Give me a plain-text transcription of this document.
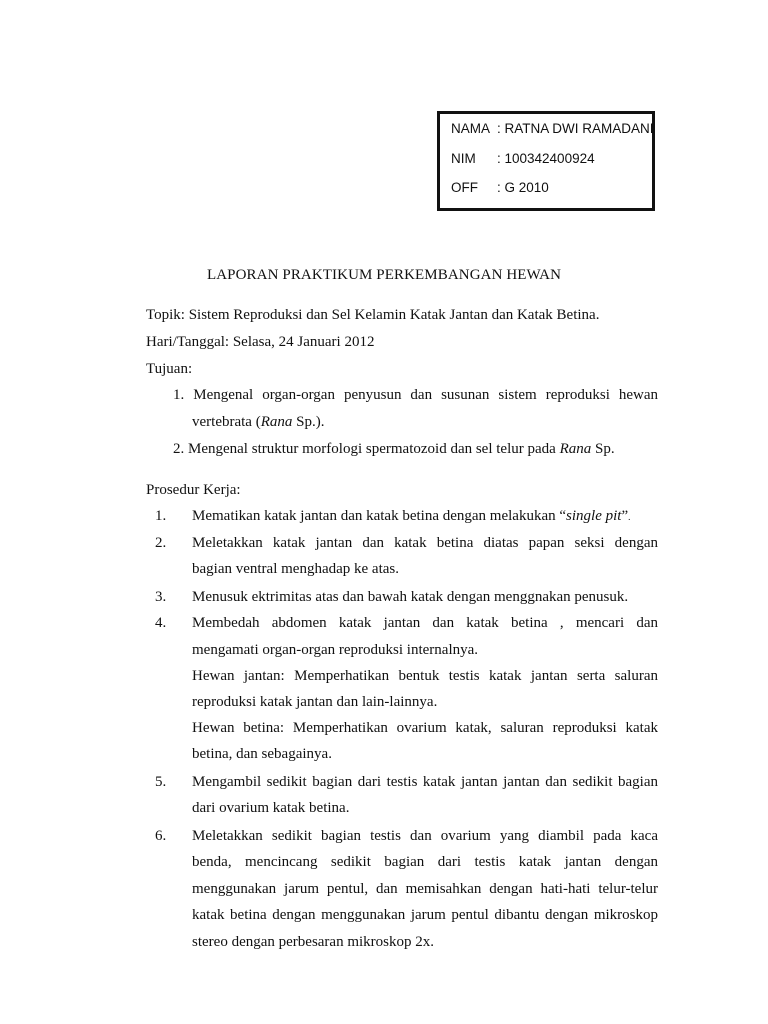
NAMA : RATNA DWI RAMADANI
NIM : 100342400924
OFF : G 2010
LAPORAN PRAKTIKUM PERKEMBANGAN HEWAN
Topik: Sistem Reproduksi dan Sel Kelamin Katak Jantan dan Katak Betina.
Hari/Tanggal: Selasa, 24 Januari 2012
Tujuan:
1. Mengenal organ-organ penyusun dan susunan sistem reproduksi hewan
vertebrata (Rana Sp.).
2. Mengenal struktur morfologi spermatozoid dan sel telur pada Rana Sp.
Prosedur Kerja:
1. Mematikan katak jantan dan katak betina dengan melakukan “single pit”.
2. Meletakkan katak jantan dan katak betina diatas papan seksi dengan
bagian ventral menghadap ke atas.
3. Menusuk ektrimitas atas dan bawah katak dengan menggnakan penusuk.
4. Membedah abdomen katak jantan dan katak betina , mencari dan
mengamati organ-organ reproduksi internalnya.
Hewan jantan: Memperhatikan bentuk testis katak jantan serta saluran
reproduksi katak jantan dan lain-lainnya.
Hewan betina: Memperhatikan ovarium katak, saluran reproduksi katak
betina, dan sebagainya.
5. Mengambil sedikit bagian dari testis katak jantan jantan dan sedikit bagian
dari ovarium katak betina.
6. Meletakkan sedikit bagian testis dan ovarium yang diambil pada kaca
benda, mencincang sedikit bagian dari testis katak jantan dengan
menggunakan jarum pentul, dan memisahkan dengan hati-hati telur-telur
katak betina dengan menggunakan jarum pentul dibantu dengan mikroskop
stereo dengan perbesaran mikroskop 2x.
